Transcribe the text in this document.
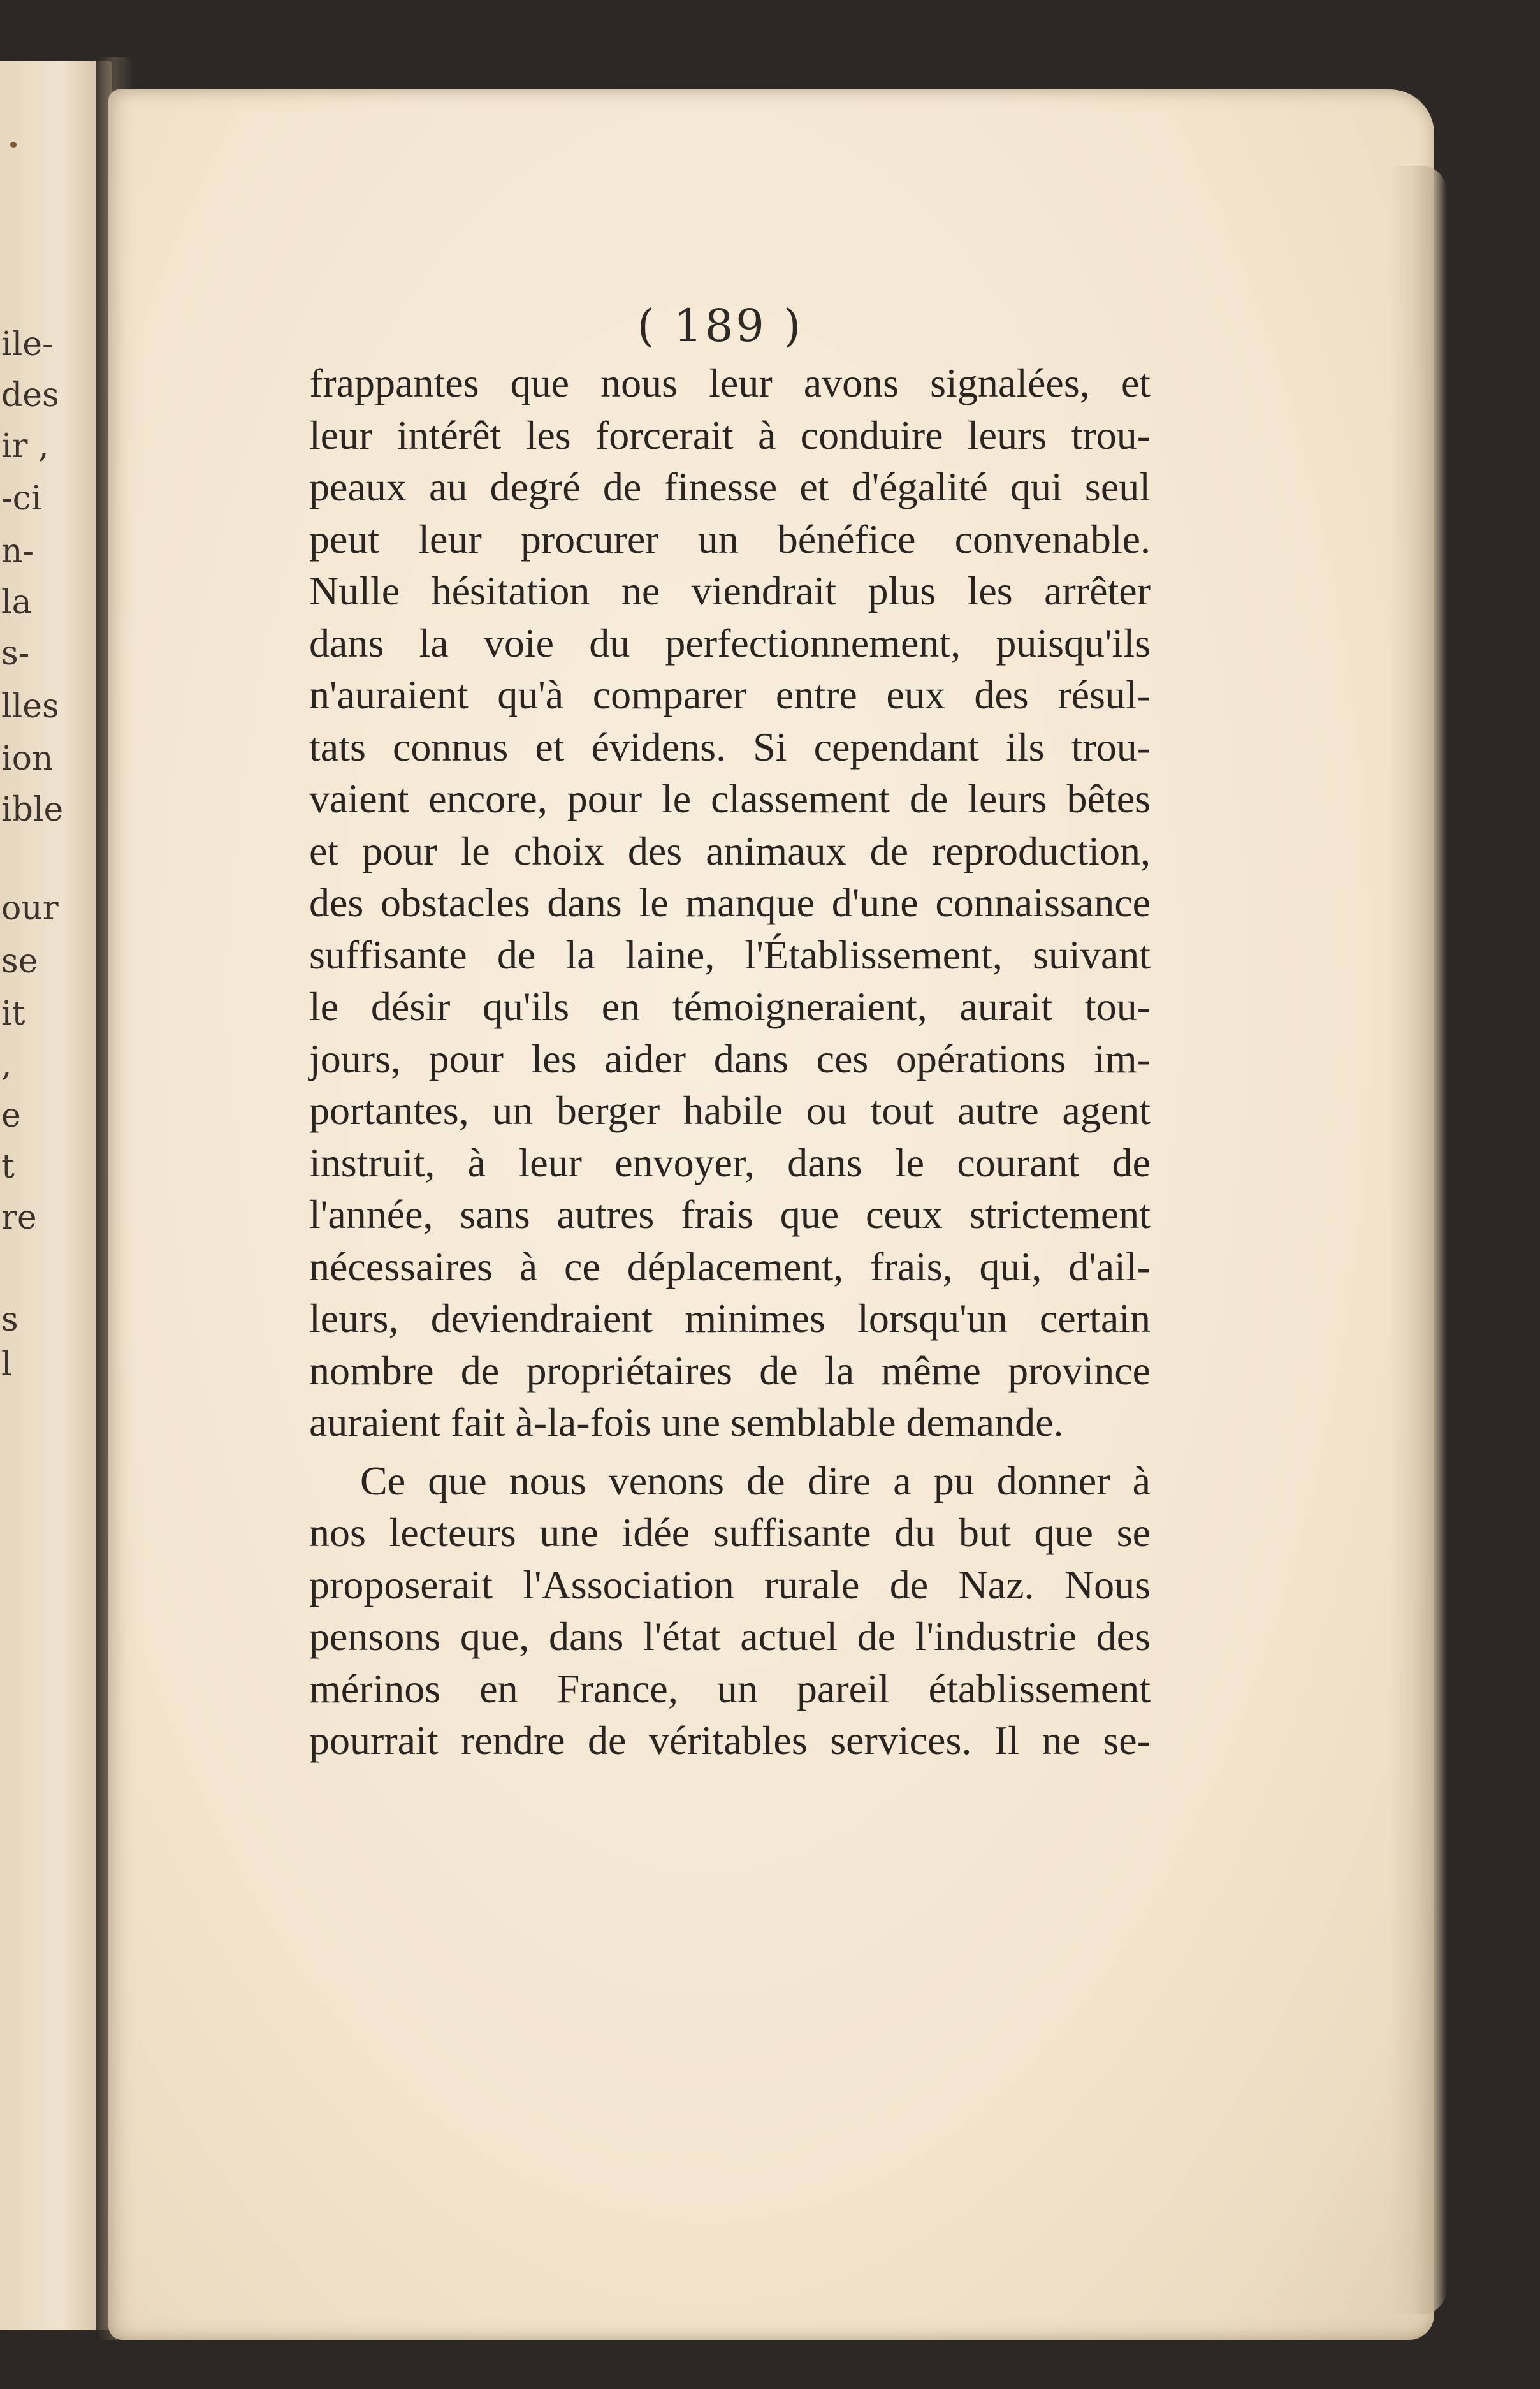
ile-
des
ir ,
-ci
n-
la
s-
lles
ion
ible
our
se
it
,
e
t
re
s
l
( 189 )
frappantes que nous leur avons signalées, et
leur intérêt les forcerait à conduire leurs trou-
peaux au degré de finesse et d'égalité qui seul
peut leur procurer un bénéfice convenable.
Nulle hésitation ne viendrait plus les arrêter
dans la voie du perfectionnement, puisqu'ils
n'auraient qu'à comparer entre eux des résul-
tats connus et évidens. Si cependant ils trou-
vaient encore, pour le classement de leurs bêtes
et pour le choix des animaux de reproduction,
des obstacles dans le manque d'une connaissance
suffisante de la laine, l'Établissement, suivant
le désir qu'ils en témoigneraient, aurait tou-
jours, pour les aider dans ces opérations im-
portantes, un berger habile ou tout autre agent
instruit, à leur envoyer, dans le courant de
l'année, sans autres frais que ceux strictement
nécessaires à ce déplacement, frais, qui, d'ail-
leurs, deviendraient minimes lorsqu'un certain
nombre de propriétaires de la même province
auraient fait à-la-fois une semblable demande.
Ce que nous venons de dire a pu donner à
nos lecteurs une idée suffisante du but que se
proposerait l'Association rurale de Naz. Nous
pensons que, dans l'état actuel de l'industrie des
mérinos en France, un pareil établissement
pourrait rendre de véritables services. Il ne se-
